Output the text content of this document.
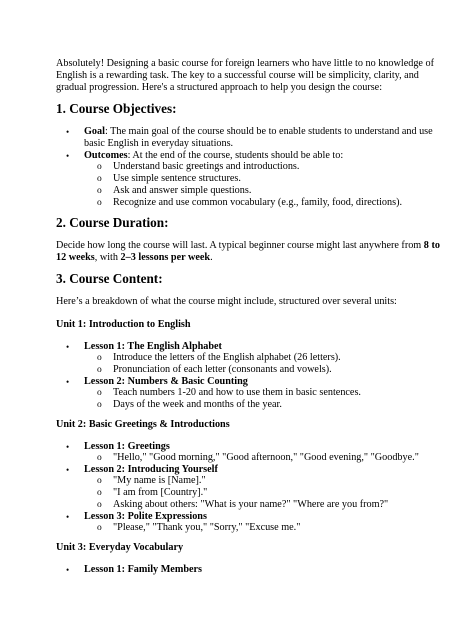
Absolutely! Designing a basic course for foreign learners who have little to no knowledge of
English is a rewarding task. The key to a successful course will be simplicity, clarity, and
gradual progression. Here's a structured approach to help you design the course:
1. Course Objectives:
• Goal: The main goal of the course should be to enable students to understand and use
basic English in everyday situations.
• Outcomes: At the end of the course, students should be able to:
o Understand basic greetings and introductions.
o Use simple sentence structures.
o Ask and answer simple questions.
o Recognize and use common vocabulary (e.g., family, food, directions).
2. Course Duration:
Decide how long the course will last. A typical beginner course might last anywhere from 8 to
12 weeks, with 2–3 lessons per week.
3. Course Content:
Here’s a breakdown of what the course might include, structured over several units:
Unit 1: Introduction to English
• Lesson 1: The English Alphabet
o Introduce the letters of the English alphabet (26 letters).
o Pronunciation of each letter (consonants and vowels).
• Lesson 2: Numbers & Basic Counting
o Teach numbers 1-20 and how to use them in basic sentences.
o Days of the week and months of the year.
Unit 2: Basic Greetings & Introductions
• Lesson 1: Greetings
o "Hello," "Good morning," "Good afternoon," "Good evening," "Goodbye."
• Lesson 2: Introducing Yourself
o "My name is [Name]."
o "I am from [Country]."
o Asking about others: "What is your name?" "Where are you from?"
• Lesson 3: Polite Expressions
o "Please," "Thank you," "Sorry," "Excuse me."
Unit 3: Everyday Vocabulary
• Lesson 1: Family Members
